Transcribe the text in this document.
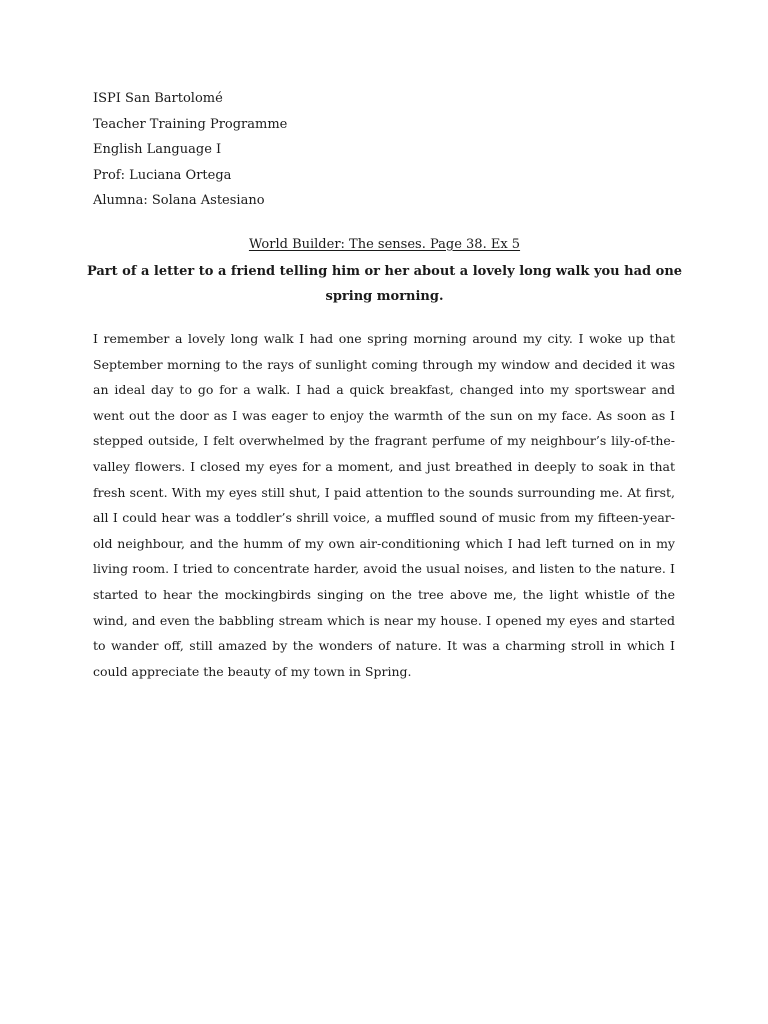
ISPI San Bartolomé

Teacher Training Programme

English Language I

Prof: Luciana Ortega

Alumna: Solana Astesiano

World Builder: The senses. Page 38. Ex 5

Part of a letter to a friend telling him or her about a lovely long walk you had one spring morning.

I remember a lovely long walk I had one spring morning around my city. I woke up that September morning to the rays of sunlight coming through my window and decided it was an ideal day to go for a walk. I had a quick breakfast, changed into my sportswear and went out the door as I was eager to enjoy the warmth of the sun on my face. As soon as I stepped outside, I felt overwhelmed by the fragrant perfume of my neighbour’s lily-of-the-valley flowers. I closed my eyes for a moment, and just breathed in deeply to soak in that fresh scent. With my eyes still shut, I paid attention to the sounds surrounding me. At first, all I could hear was a toddler’s shrill voice, a muffled sound of music from my fifteen-year-old neighbour, and the humm of my own air-conditioning which I had left turned on in my living room. I tried to concentrate harder, avoid the usual noises, and listen to the nature. I started to hear the mockingbirds singing on the tree above me, the light whistle of the wind, and even the babbling stream which is near my house. I opened my eyes and started to wander off, still amazed by the wonders of nature. It was a charming stroll in which I could appreciate the beauty of my town in Spring.
